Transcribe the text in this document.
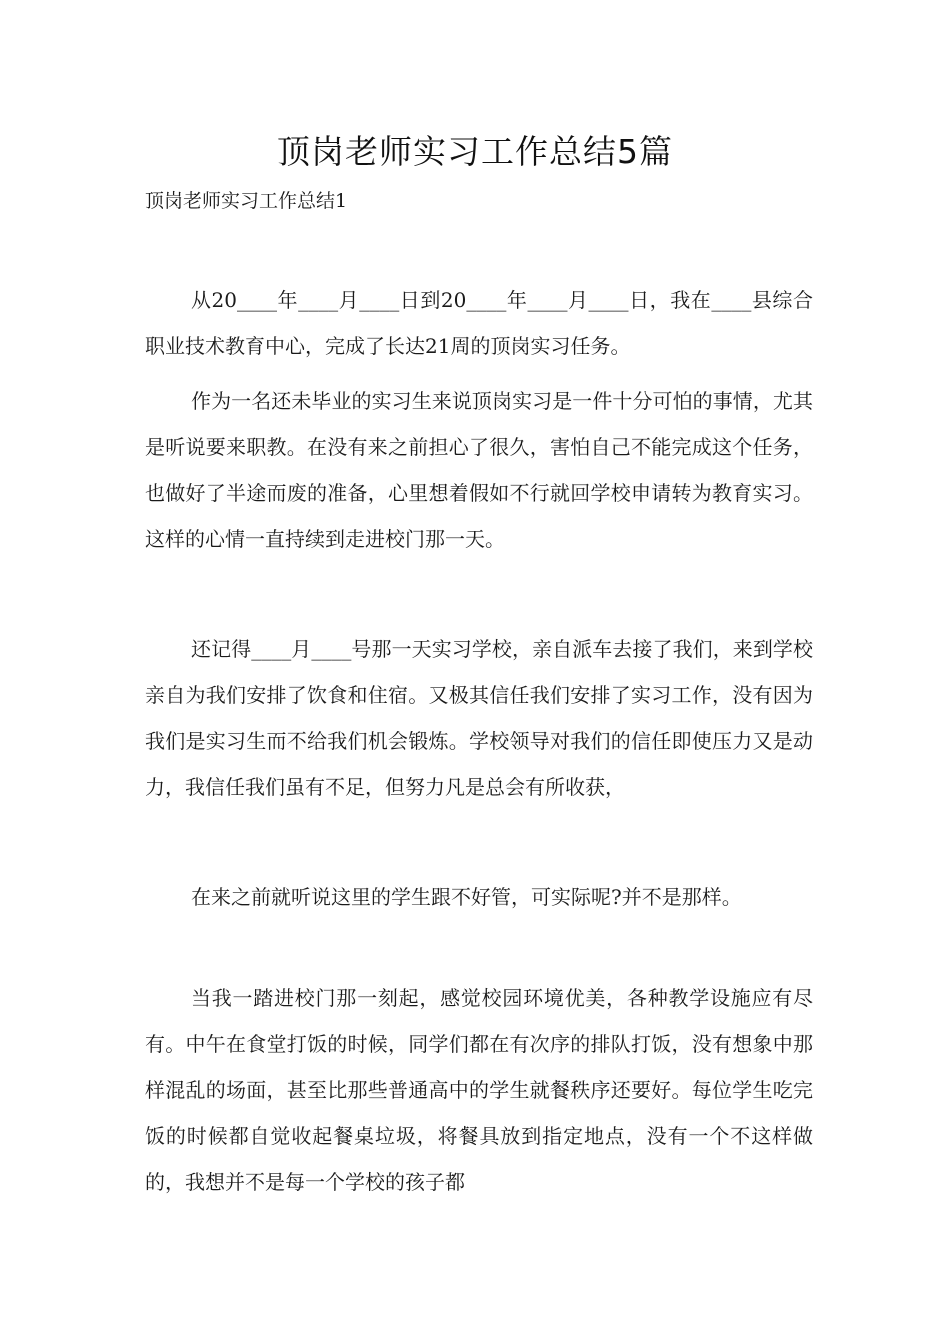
顶岗老师实习工作总结5篇
顶岗老师实习工作总结1

从20____年____月____日到20____年____月____日，我在____县综合职业技术教育中心，完成了长达21周的顶岗实习任务。

作为一名还未毕业的实习生来说顶岗实习是一件十分可怕的事情，尤其是听说要来职教。在没有来之前担心了很久，害怕自己不能完成这个任务，也做好了半途而废的准备，心里想着假如不行就回学校申请转为教育实习。这样的心情一直持续到走进校门那一天。

还记得____月____号那一天实习学校，亲自派车去接了我们，来到学校亲自为我们安排了饮食和住宿。又极其信任我们安排了实习工作，没有因为我们是实习生而不给我们机会锻炼。学校领导对我们的信任即使压力又是动力，我信任我们虽有不足，但努力凡是总会有所收获，

在来之前就听说这里的学生跟不好管，可实际呢?并不是那样。

当我一踏进校门那一刻起，感觉校园环境优美，各种教学设施应有尽有。中午在食堂打饭的时候，同学们都在有次序的排队打饭，没有想象中那样混乱的场面，甚至比那些普通高中的学生就餐秩序还要好。每位学生吃完饭的时候都自觉收起餐桌垃圾，将餐具放到指定地点，没有一个不这样做的，我想并不是每一个学校的孩子都
